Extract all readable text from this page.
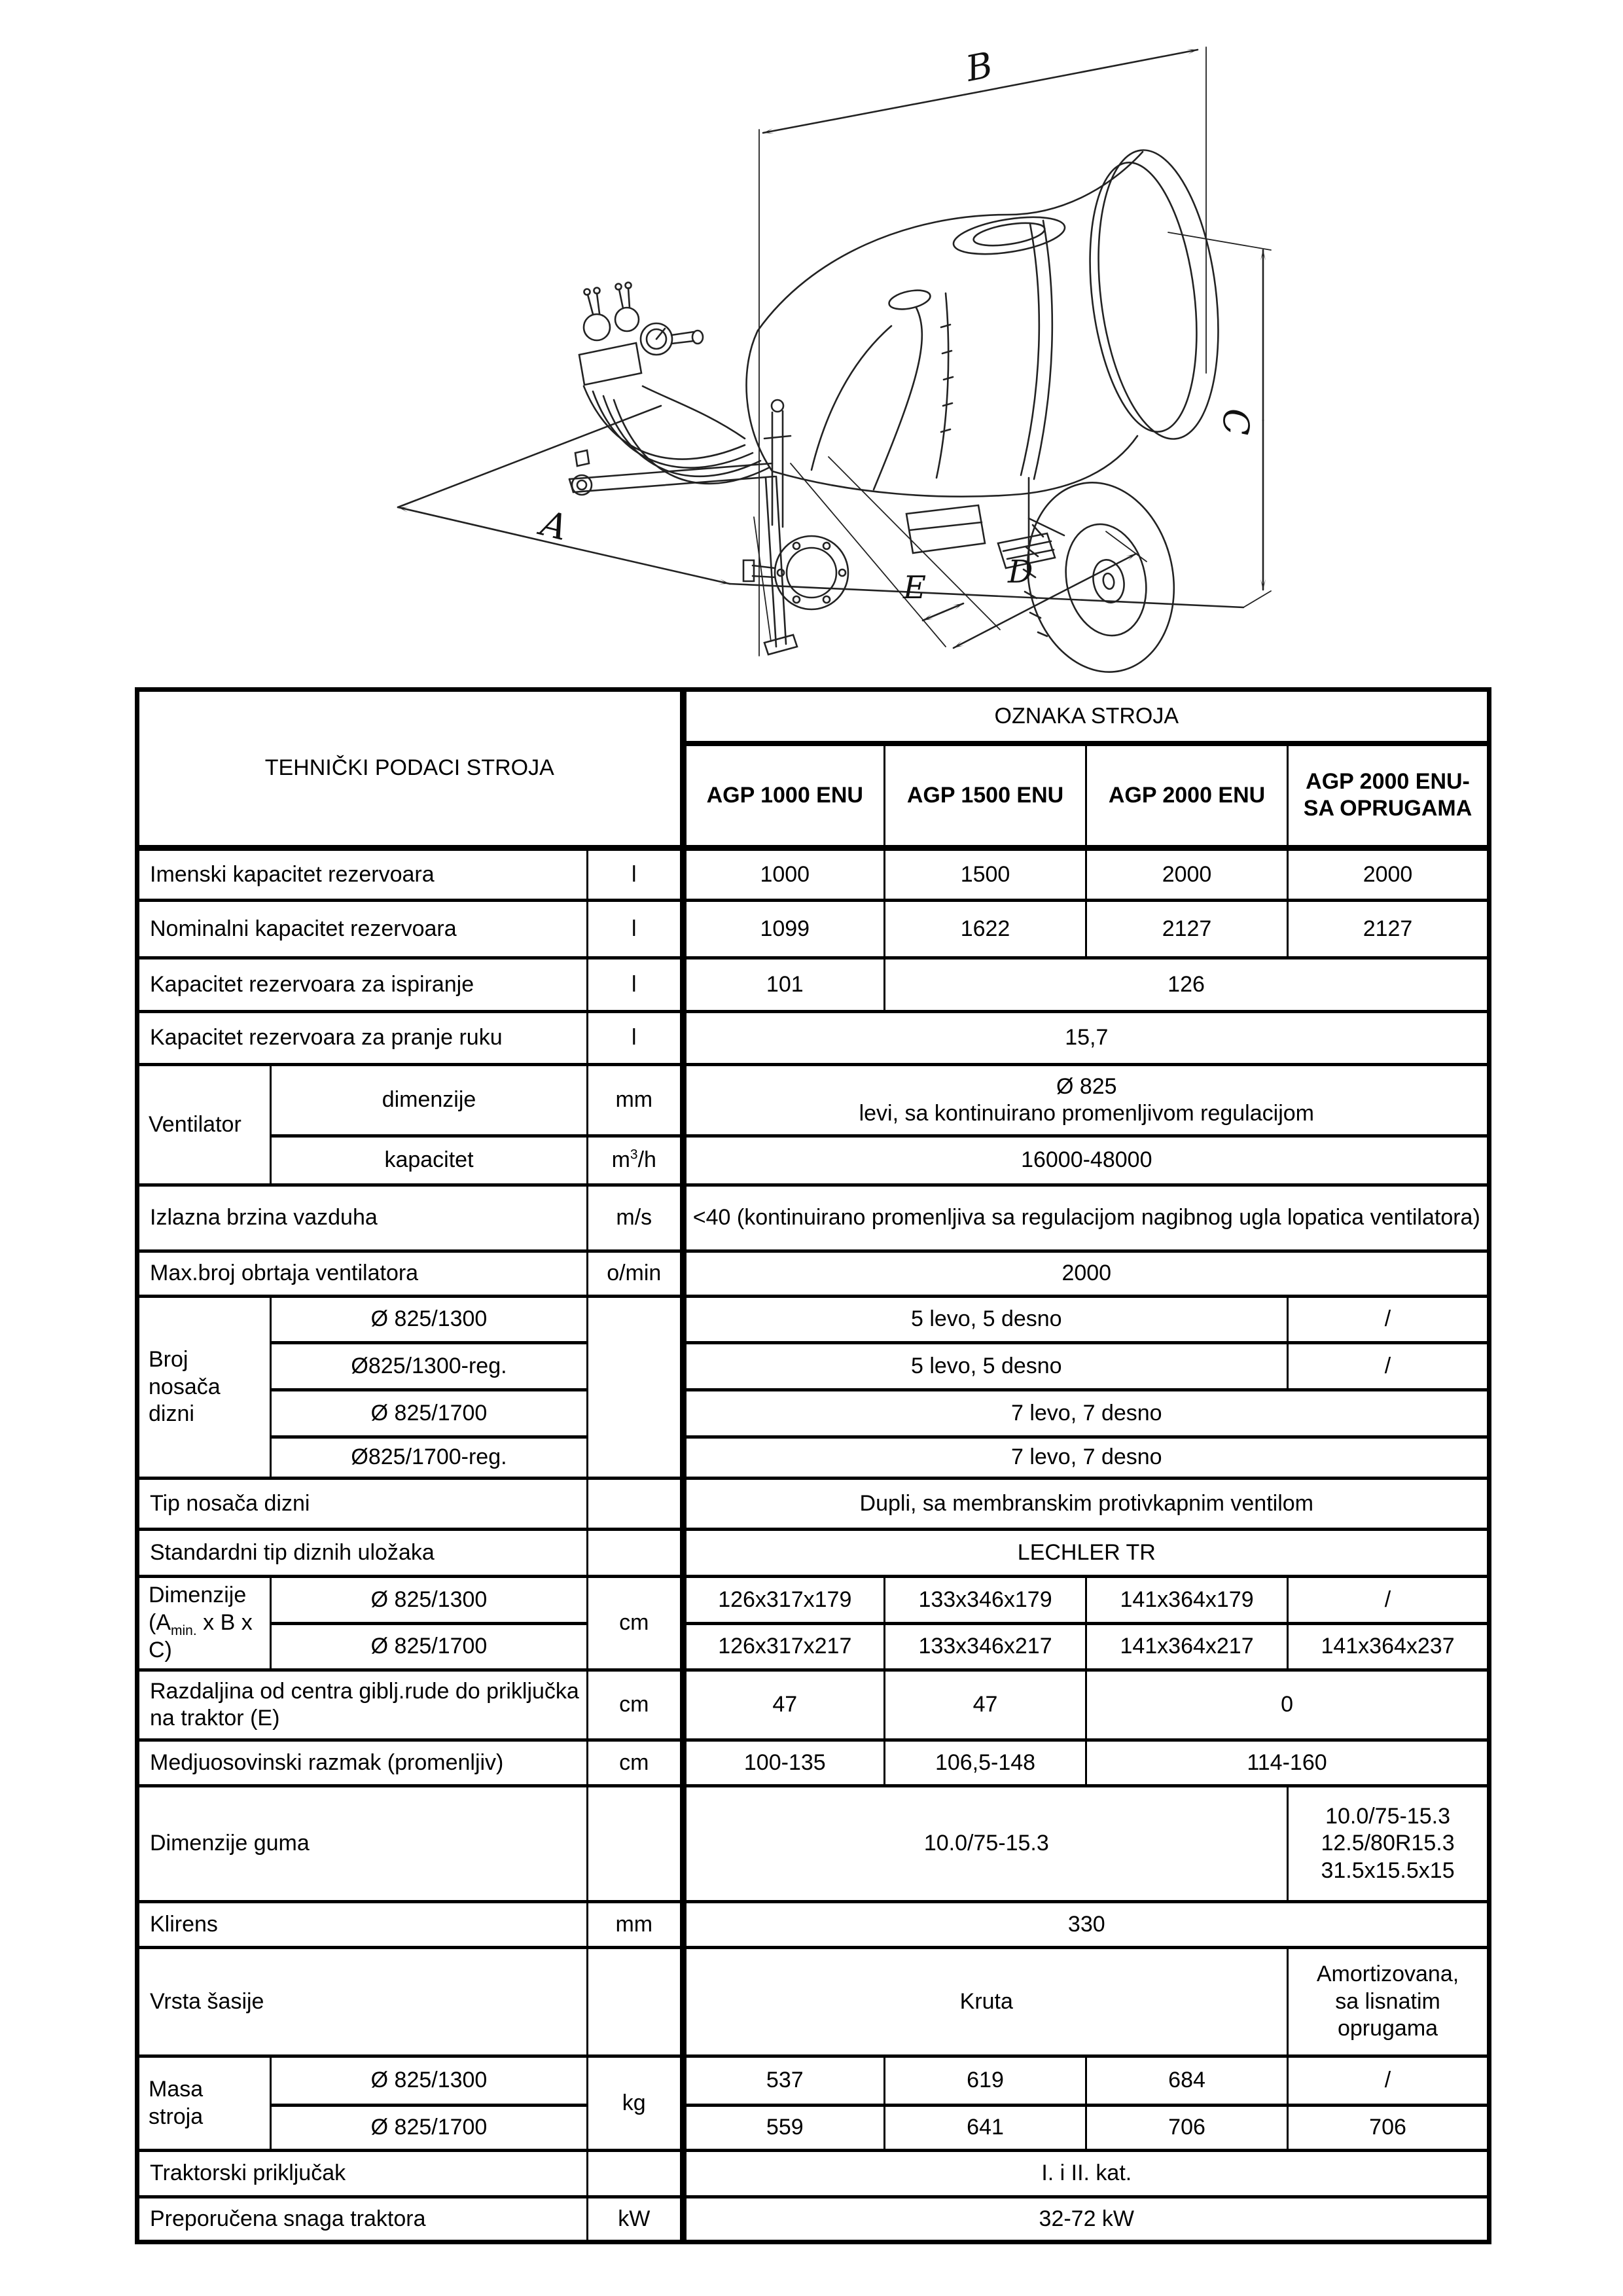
B
C
A
D
E
TEHNIČKI PODACI STROJA			OZNAKA STROJA			
			AGP 1000 ENU	AGP 1500 ENU	AGP 2000 ENU	AGP 2000 ENU-SA OPRUGAMA
Imenski kapacitet rezervoara		l	1000	1500	2000	2000
Nominalni kapacitet rezervoara		l	1099	1622	2127	2127
Kapacitet rezervoara za ispiranje		l	101	126		
Kapacitet rezervoara za pranje ruku		l	15,7			
Ventilator	dimenzije	mm	Ø 825
levi, sa kontinuirano promenljivom regulacijom			

	kapacitet	$m^3/h$	16000-48000			
Izlazna brzina vazduha		m/s	<40 (kontinuirano promenljiva sa regulacijom nagibnog ugla lopatica ventilatora)			
Max.broj obrtaja ventilatora		o/min	2000			
Broj nosača dizni	Ø 825/1300		5 levo, 5 desno			/
	Ø825/1300-reg.		5 levo, 5 desno			/
	Ø 825/1700		7 levo, 7 desno			
	Ø825/1700-reg.		7 levo, 7 desno			
Tip nosača dizni			Dupli, sa membranskim protivkapnim ventilom			
Standardni tip diznih uložaka			LECHLER TR			

Dimenzije
($A_{min.}$ x B x C)	Ø 825/1300	cm	126x317x179	133x346x179	141x364x179	/
	Ø 825/1700		126x317x217	133x346x217	141x364x217	141x364x237
Razdaljina od centra giblj.rude do priključka na traktor (E)		cm	47	47	0	
Medjuosovinski razmak (promenljiv)		cm	100-135	106,5-148	114-160	
Dimenzije guma			10.0/75-15.3			10.0/75-15.3
12.5/80R15.3
31.5x15.5x15

Klirens		mm	330			
Vrsta šasije			Kruta			Amortizovana,
sa lisnatim
oprugama

Masa stroja	Ø 825/1300	kg	537	619	684	/
	Ø 825/1700		559	641	706	706
Traktorski priključak			I. i II. kat.			
Preporučena snaga traktora		kW	32-72 kW			
